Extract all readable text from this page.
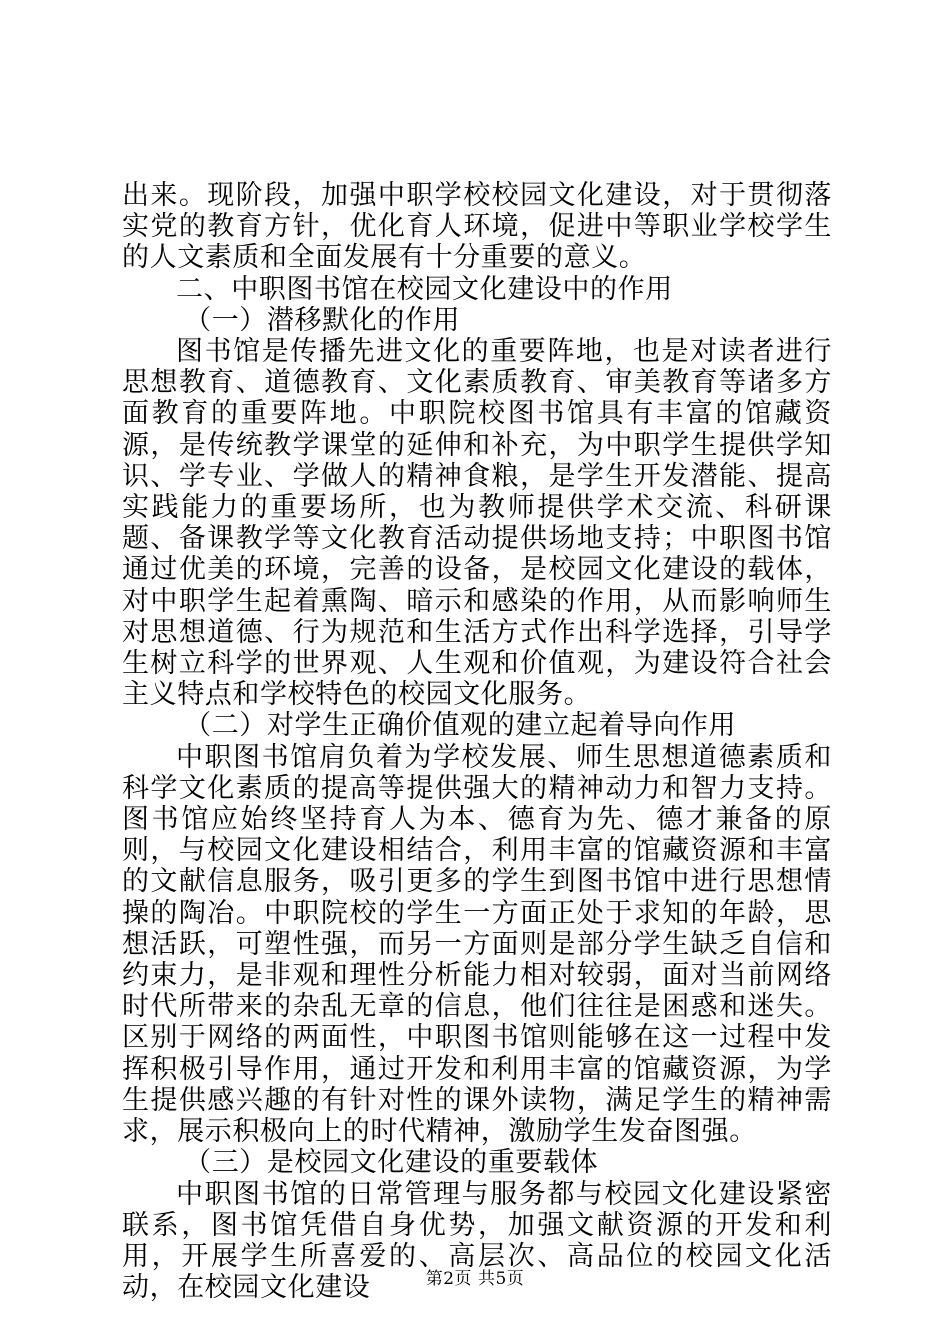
出来。现阶段，加强中职学校校园文化建设，对于贯彻落实党的教育方针，优化育人环境，促进中等职业学校学生的人文素质和全面发展有十分重要的意义。

二、中职图书馆在校园文化建设中的作用

（一）潜移默化的作用

图书馆是传播先进文化的重要阵地，也是对读者进行思想教育、道德教育、文化素质教育、审美教育等诸多方面教育的重要阵地。中职院校图书馆具有丰富的馆藏资源，是传统教学课堂的延伸和补充，为中职学生提供学知识、学专业、学做人的精神食粮，是学生开发潜能、提高实践能力的重要场所，也为教师提供学术交流、科研课题、备课教学等文化教育活动提供场地支持；中职图书馆通过优美的环境，完善的设备，是校园文化建设的载体，对中职学生起着熏陶、暗示和感染的作用，从而影响师生对思想道德、行为规范和生活方式作出科学选择，引导学生树立科学的世界观、人生观和价值观，为建设符合社会主义特点和学校特色的校园文化服务。

（二）对学生正确价值观的建立起着导向作用

中职图书馆肩负着为学校发展、师生思想道德素质和科学文化素质的提高等提供强大的精神动力和智力支持。图书馆应始终坚持育人为本、德育为先、德才兼备的原则，与校园文化建设相结合，利用丰富的馆藏资源和丰富的文献信息服务，吸引更多的学生到图书馆中进行思想情操的陶冶。中职院校的学生一方面正处于求知的年龄，思想活跃，可塑性强，而另一方面则是部分学生缺乏自信和约束力，是非观和理性分析能力相对较弱，面对当前网络时代所带来的杂乱无章的信息，他们往往是困惑和迷失。区别于网络的两面性，中职图书馆则能够在这一过程中发挥积极引导作用，通过开发和利用丰富的馆藏资源，为学生提供感兴趣的有针对性的课外读物，满足学生的精神需求，展示积极向上的时代精神，激励学生发奋图强。

（三）是校园文化建设的重要载体

中职图书馆的日常管理与服务都与校园文化建设紧密联系，图书馆凭借自身优势，加强文献资源的开发和利用，开展学生所喜爱的、高层次、高品位的校园文化活动，在校园文化建设	第2页 共5页
